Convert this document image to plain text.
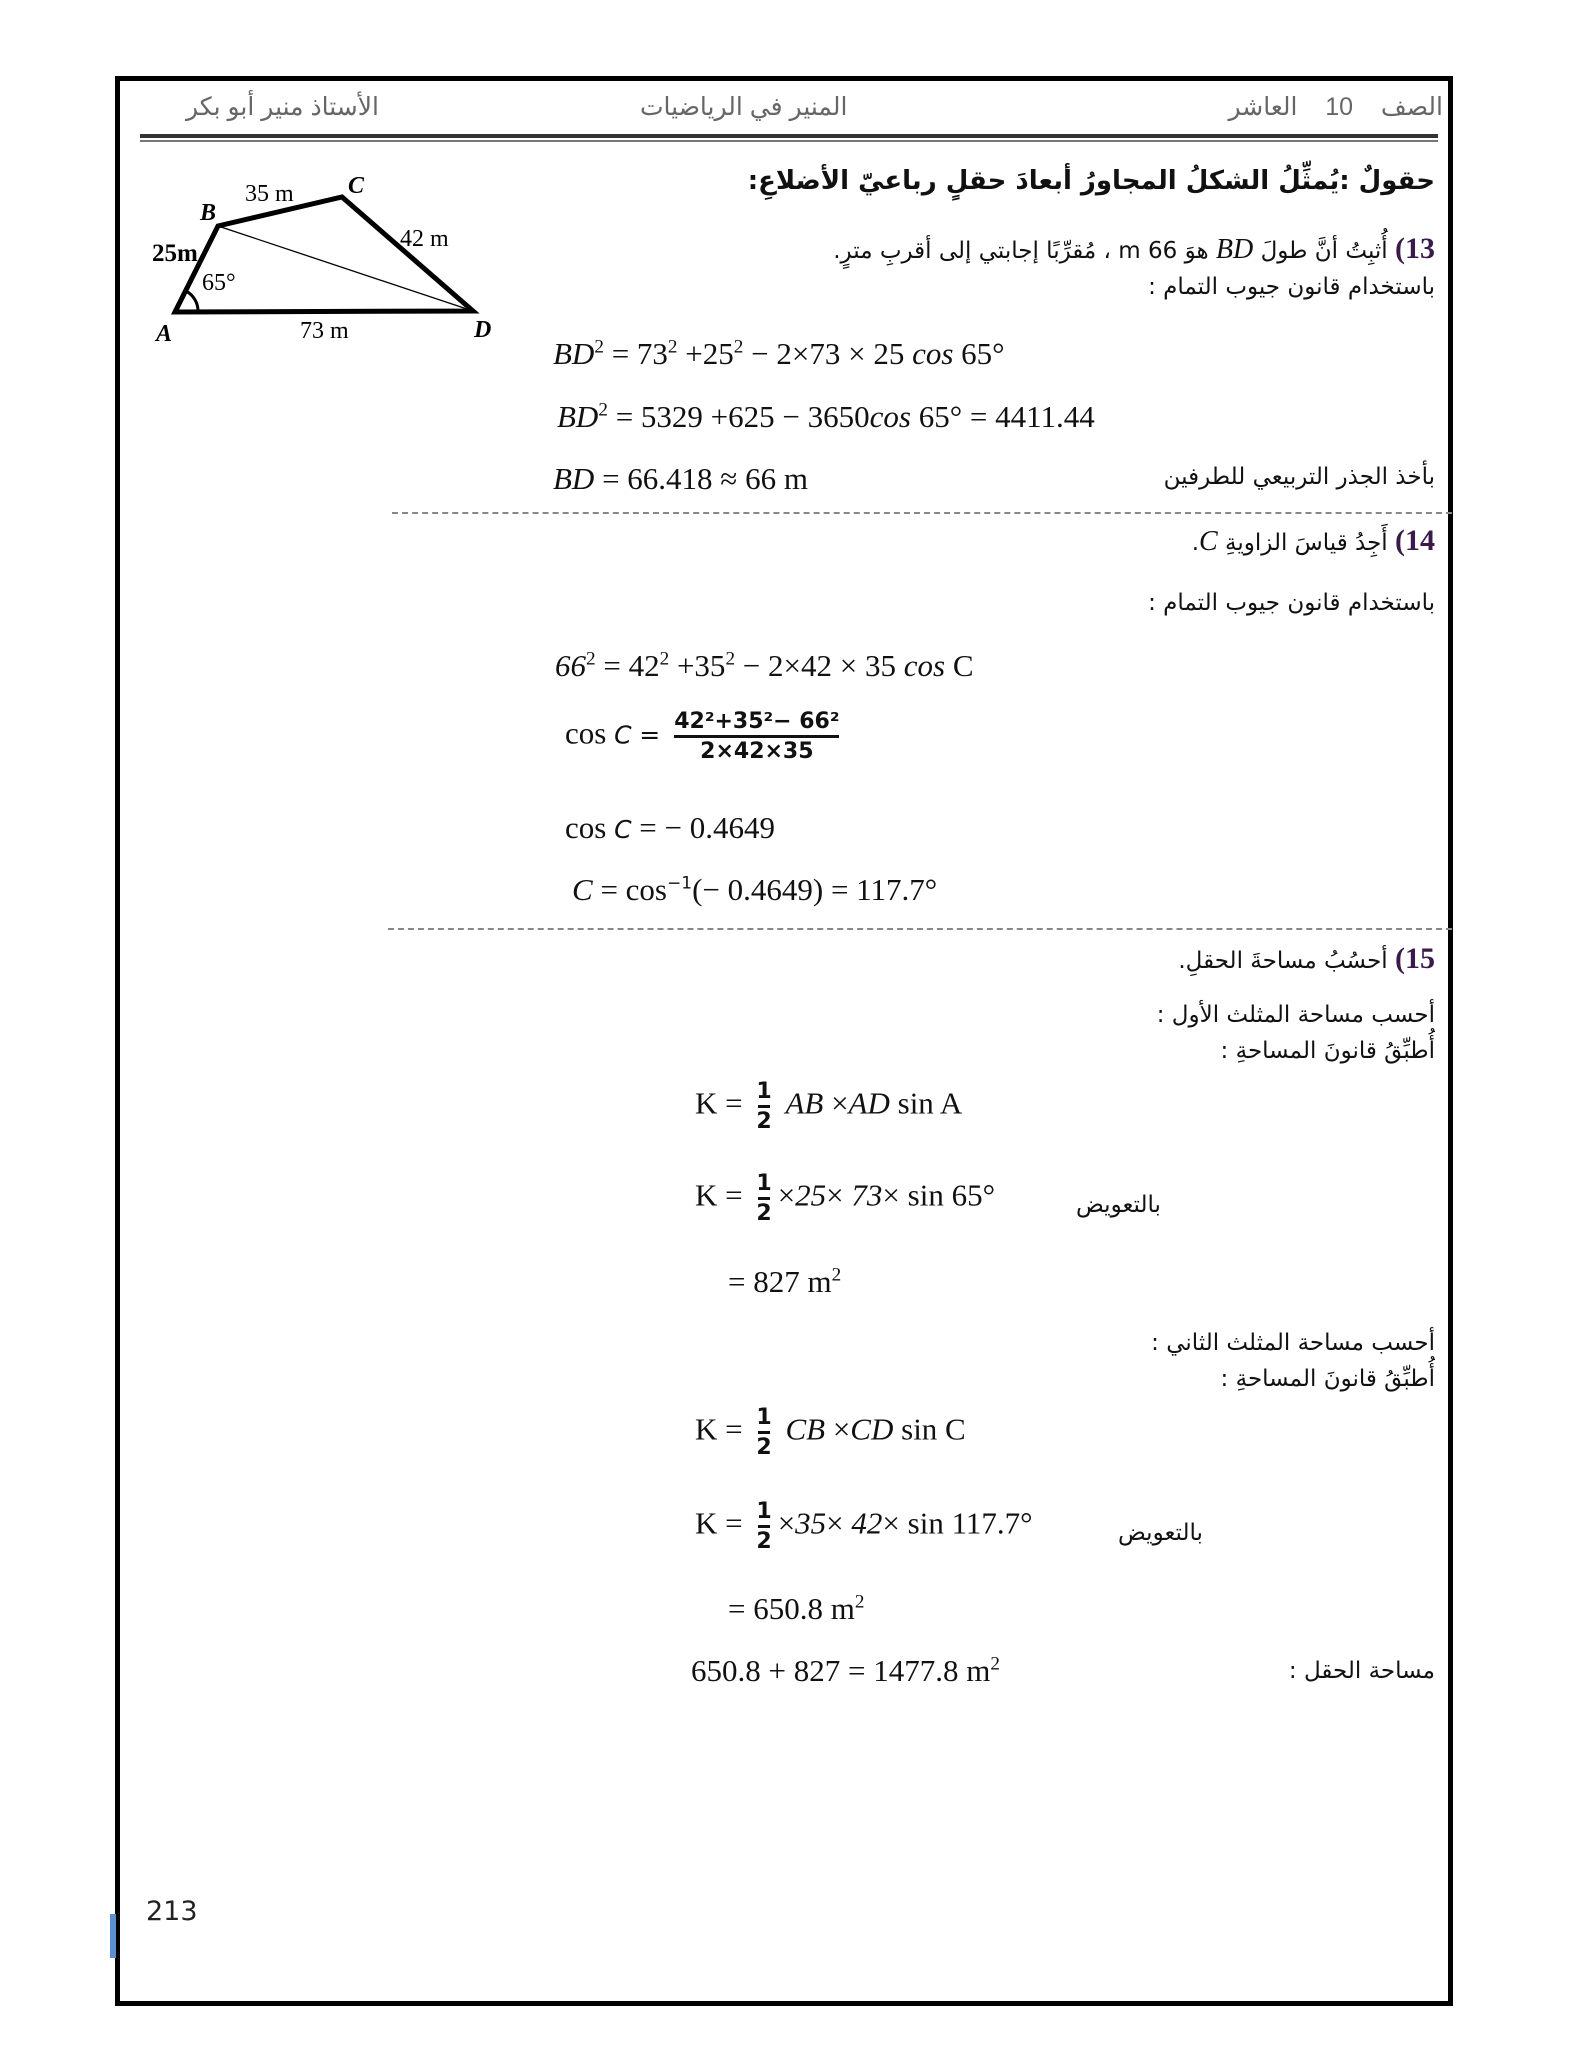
الصف    10    العاشر
المنير في الرياضيات
الأستاذ منير أبو بكر
A
B
C
D
25m
35 m
42 m
73 m
65°
حقولٌ :يُمثِّلُ الشكلُ المجاورُ أبعادَ حقلٍ رباعيّ الأضلاعِ:
13) أُثبِتُ أنَّ طولَ BD هوَ 66 m ، مُقرِّبًا إجابتي إلى أقربِ مترٍ.
باستخدام قانون جيوب التمام :
$BD^2 = 73^2 +25^2 - 2\times 73 \times 25$ cos 65°
$BD^2 = 5329 +625 - 3650\cos$ 65° = 4411.44
BD = 66.418 ≈ 66 m	بأخذ الجذر التربيعي للطرفين
14) أَجِدُ قياسَ الزاويةِ C.
باستخدام قانون جيوب التمام :
$66^2 = 42^2 +35^2 - 2\times 42 \times 35$ cos C
$\cos C = \frac{\text{42²+35²− 66²}}{2\times 42\times 35}$
cos C = − 0.4649
$C = \cos^{-1}(- 0.4649) = 117.7^\circ$
15) أحسُبُ مساحةَ الحقلِ.
أحسب مساحة المثلث الأول :
أُطبِّقُ قانونَ المساحةِ :
$K = \frac{1}{2}$ AB ×AD sin A
$K = \frac{1}{2} \times 25\times 73\times \sin 65^\circ$	بالتعويض
= 827 $m^2$
أحسب مساحة المثلث الثاني :
أُطبِّقُ قانونَ المساحةِ :
$K = \frac{1}{2}$ CB ×CD sin C
$K = \frac{1}{2} \times 35\times 42\times \sin 117.7^\circ$	بالتعويض
= 650.8 $m^2$
650.8 + 827 = 1477.8 $m^2$	مساحة الحقل :
213
